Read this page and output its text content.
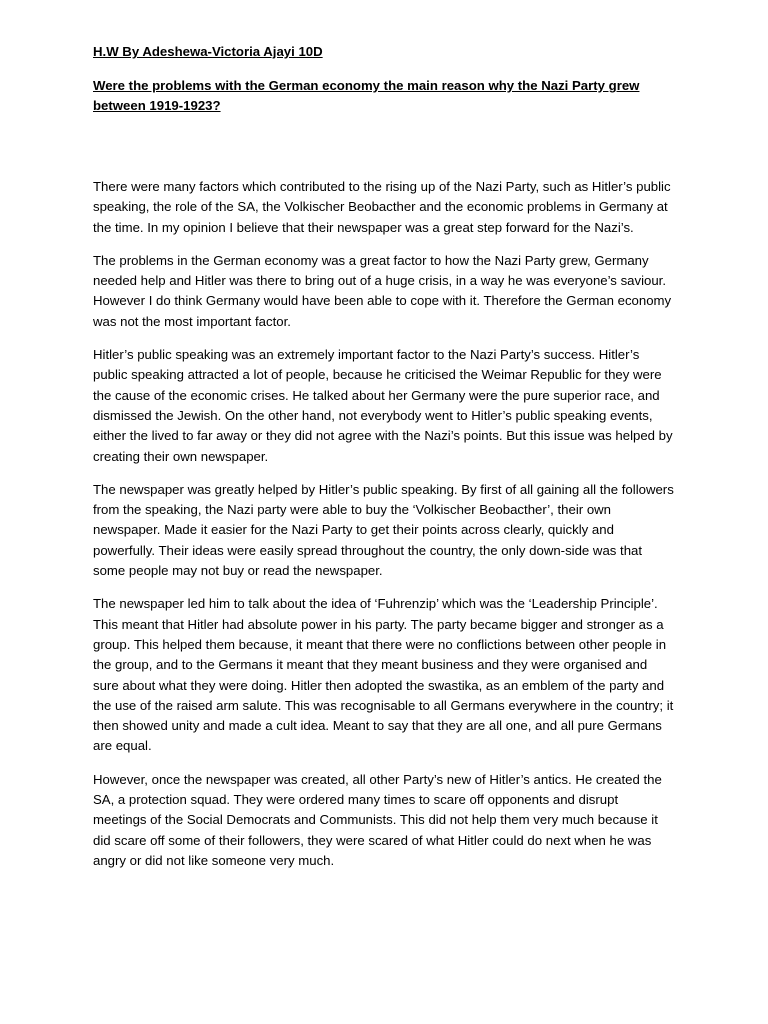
H.W By Adeshewa-Victoria Ajayi 10D

Were the problems with the German economy the main reason why the Nazi Party grew between 1919-1923?

There were many factors which contributed to the rising up of the Nazi Party, such as Hitler’s public speaking, the role of the SA, the Volkischer Beobacther and the economic problems in Germany at the time. In my opinion I believe that their newspaper was a great step forward for the Nazi’s.

The problems in the German economy was a great factor to how the Nazi Party grew, Germany needed help and Hitler was there to bring out of a huge crisis, in a way he was everyone’s saviour. However I do think Germany would have been able to cope with it. Therefore the German economy was not the most important factor.

Hitler’s public speaking was an extremely important factor to the Nazi Party’s success. Hitler’s public speaking attracted a lot of people, because he criticised the Weimar Republic for they were the cause of the economic crises. He talked about her Germany were the pure superior race, and dismissed the Jewish. On the other hand, not everybody went to Hitler’s public speaking events, either the lived to far away or they did not agree with the Nazi’s points. But this issue was helped by creating their own newspaper.

The newspaper was greatly helped by Hitler’s public speaking. By first of all gaining all the followers from the speaking, the Nazi party were able to buy the ‘Volkischer Beobacther’, their own newspaper. Made it easier for the Nazi Party to get their points across clearly, quickly and powerfully. Their ideas were easily spread throughout the country, the only down-side was that some people may not buy or read the newspaper.

The newspaper led him to talk about the idea of ‘Fuhrenzip’ which was the ‘Leadership Principle’. This meant that Hitler had absolute power in his party. The party became bigger and stronger as a group. This helped them because, it meant that there were no conflictions between other people in the group, and to the Germans it meant that they meant business and they were organised and sure about what they were doing. Hitler then adopted the swastika, as an emblem of the party and the use of the raised arm salute. This was recognisable to all Germans everywhere in the country; it then showed unity and made a cult idea. Meant to say that they are all one, and all pure Germans are equal.

However, once the newspaper was created, all other Party’s new of Hitler’s antics. He created the SA, a protection squad. They were ordered many times to scare off opponents and disrupt meetings of the Social Democrats and Communists. This did not help them very much because it did scare off some of their followers, they were scared of what Hitler could do next when he was angry or did not like someone very much.
